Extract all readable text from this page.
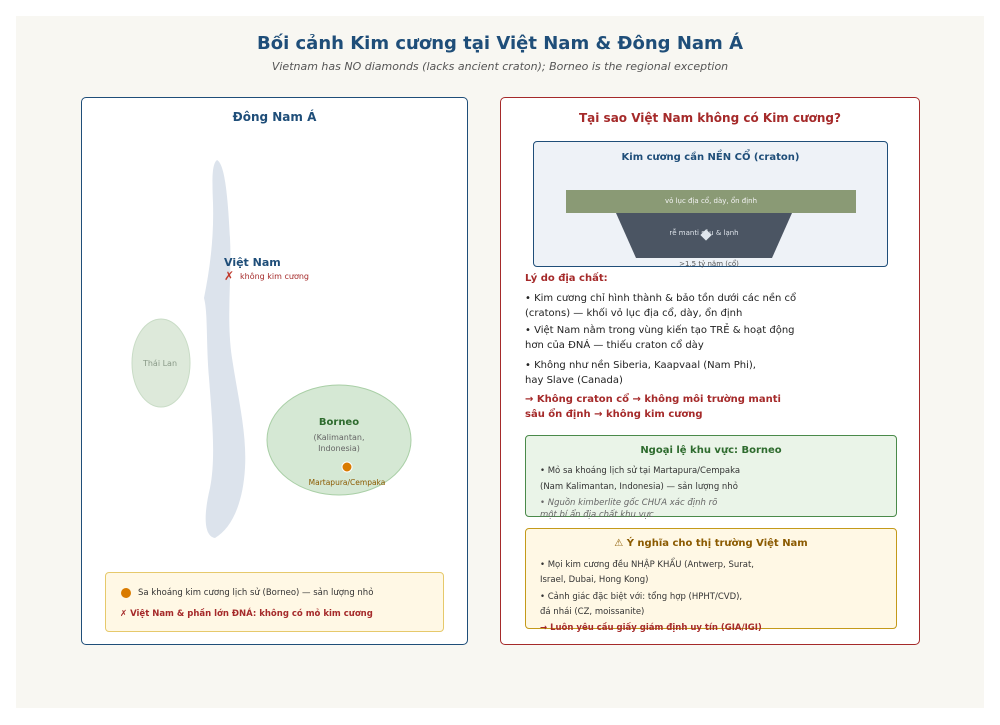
Bối cảnh Kim cương tại Việt Nam & Đông Nam Á
Vietnam has NO diamonds (lacks ancient craton); Borneo is the regional exception
Đông Nam Á
Việt Nam
✗ không kim cương
Thái Lan
Borneo
(Kalimantan,
Indonesia)
Martapura/Cempaka
Sa khoáng kim cương lịch sử (Borneo) — sản lượng nhỏ
✗ Việt Nam & phần lớn ĐNÁ: không có mỏ kim cương
Tại sao Việt Nam không có Kim cương?
Kim cương cần NỀN CỔ (craton)
vỏ lục địa cổ, dày, ổn định
rễ manti sâu & lạnh
>1,5 tỷ năm (cổ)
Lý do địa chất:
• Kim cương chỉ hình thành & bảo tồn dưới các nền cổ
(cratons) — khối vỏ lục địa cổ, dày, ổn định
• Việt Nam nằm trong vùng kiến tạo TRẺ & hoạt động
hơn của ĐNÁ — thiếu craton cổ dày
• Không như nền Siberia, Kaapvaal (Nam Phi),
hay Slave (Canada)
→ Không craton cổ → không môi trường manti
sâu ổn định → không kim cương
Ngoại lệ khu vực: Borneo
• Mỏ sa khoáng lịch sử tại Martapura/Cempaka
(Nam Kalimantan, Indonesia) — sản lượng nhỏ
• Nguồn kimberlite gốc CHƯA xác định rõ
một bí ẩn địa chất khu vực
⚠ Ý nghĩa cho thị trường Việt Nam
• Mọi kim cương đều NHẬP KHẨU (Antwerp, Surat,
Israel, Dubai, Hong Kong)
• Cảnh giác đặc biệt với: tổng hợp (HPHT/CVD),
đá nhái (CZ, moissanite)
→ Luôn yêu cầu giấy giám định uy tín (GIA/IGI)
